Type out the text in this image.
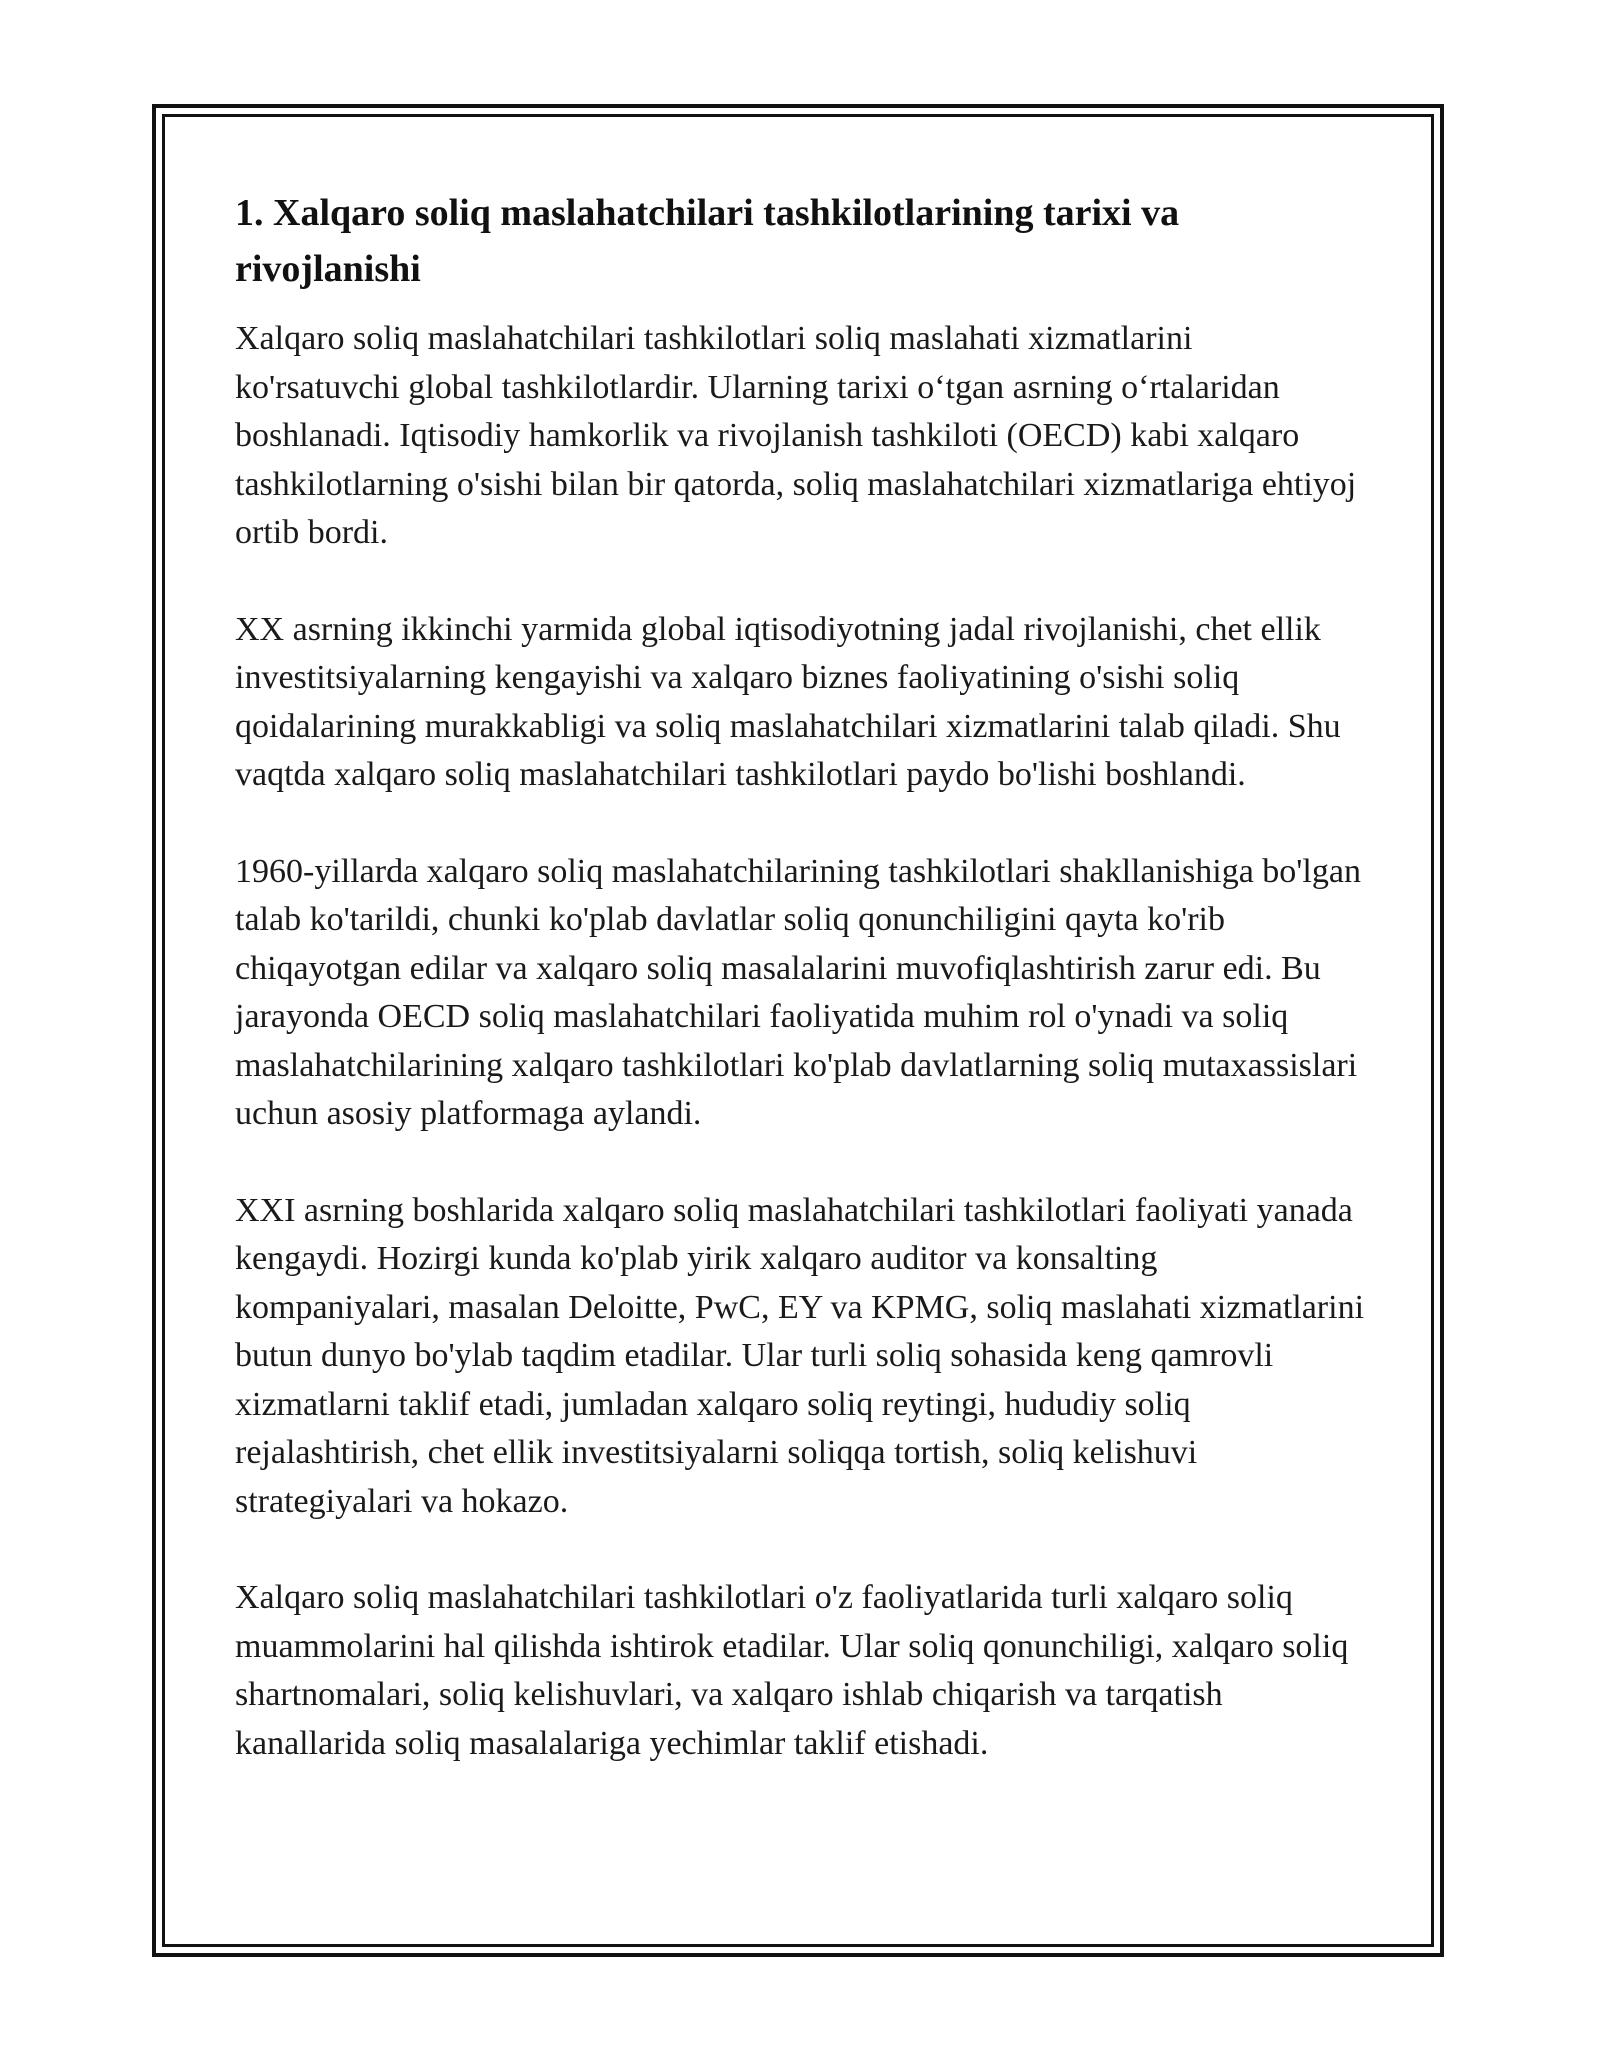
1. Xalqaro soliq maslahatchilari tashkilotlarining tarixi va rivojlanishi

Xalqaro soliq maslahatchilari tashkilotlari soliq maslahati xizmatlarini ko'rsatuvchi global tashkilotlardir. Ularning tarixi o‘tgan asrning o‘rtalaridan boshlanadi. Iqtisodiy hamkorlik va rivojlanish tashkiloti (OECD) kabi xalqaro tashkilotlarning o'sishi bilan bir qatorda, soliq maslahatchilari xizmatlariga ehtiyoj ortib bordi.

XX asrning ikkinchi yarmida global iqtisodiyotning jadal rivojlanishi, chet ellik investitsiyalarning kengayishi va xalqaro biznes faoliyatining o'sishi soliq qoidalarining murakkabligi va soliq maslahatchilari xizmatlarini talab qiladi. Shu vaqtda xalqaro soliq maslahatchilari tashkilotlari paydo bo'lishi boshlandi.

1960-yillarda xalqaro soliq maslahatchilarining tashkilotlari shakllanishiga bo'lgan talab ko'tarildi, chunki ko'plab davlatlar soliq qonunchiligini qayta ko'rib chiqayotgan edilar va xalqaro soliq masalalarini muvofiqlashtirish zarur edi. Bu jarayonda OECD soliq maslahatchilari faoliyatida muhim rol o'ynadi va soliq maslahatchilarining xalqaro tashkilotlari ko'plab davlatlarning soliq mutaxassislari uchun asosiy platformaga aylandi.

XXI asrning boshlarida xalqaro soliq maslahatchilari tashkilotlari faoliyati yanada kengaydi. Hozirgi kunda ko'plab yirik xalqaro auditor va konsalting kompaniyalari, masalan Deloitte, PwC, EY va KPMG, soliq maslahati xizmatlarini butun dunyo bo'ylab taqdim etadilar. Ular turli soliq sohasida keng qamrovli xizmatlarni taklif etadi, jumladan xalqaro soliq reytingi, hududiy soliq rejalashtirish, chet ellik investitsiyalarni soliqqa tortish, soliq kelishuvi strategiyalari va hokazo.

Xalqaro soliq maslahatchilari tashkilotlari o'z faoliyatlarida turli xalqaro soliq muammolarini hal qilishda ishtirok etadilar. Ular soliq qonunchiligi, xalqaro soliq shartnomalari, soliq kelishuvlari, va xalqaro ishlab chiqarish va tarqatish kanallarida soliq masalalariga yechimlar taklif etishadi.
